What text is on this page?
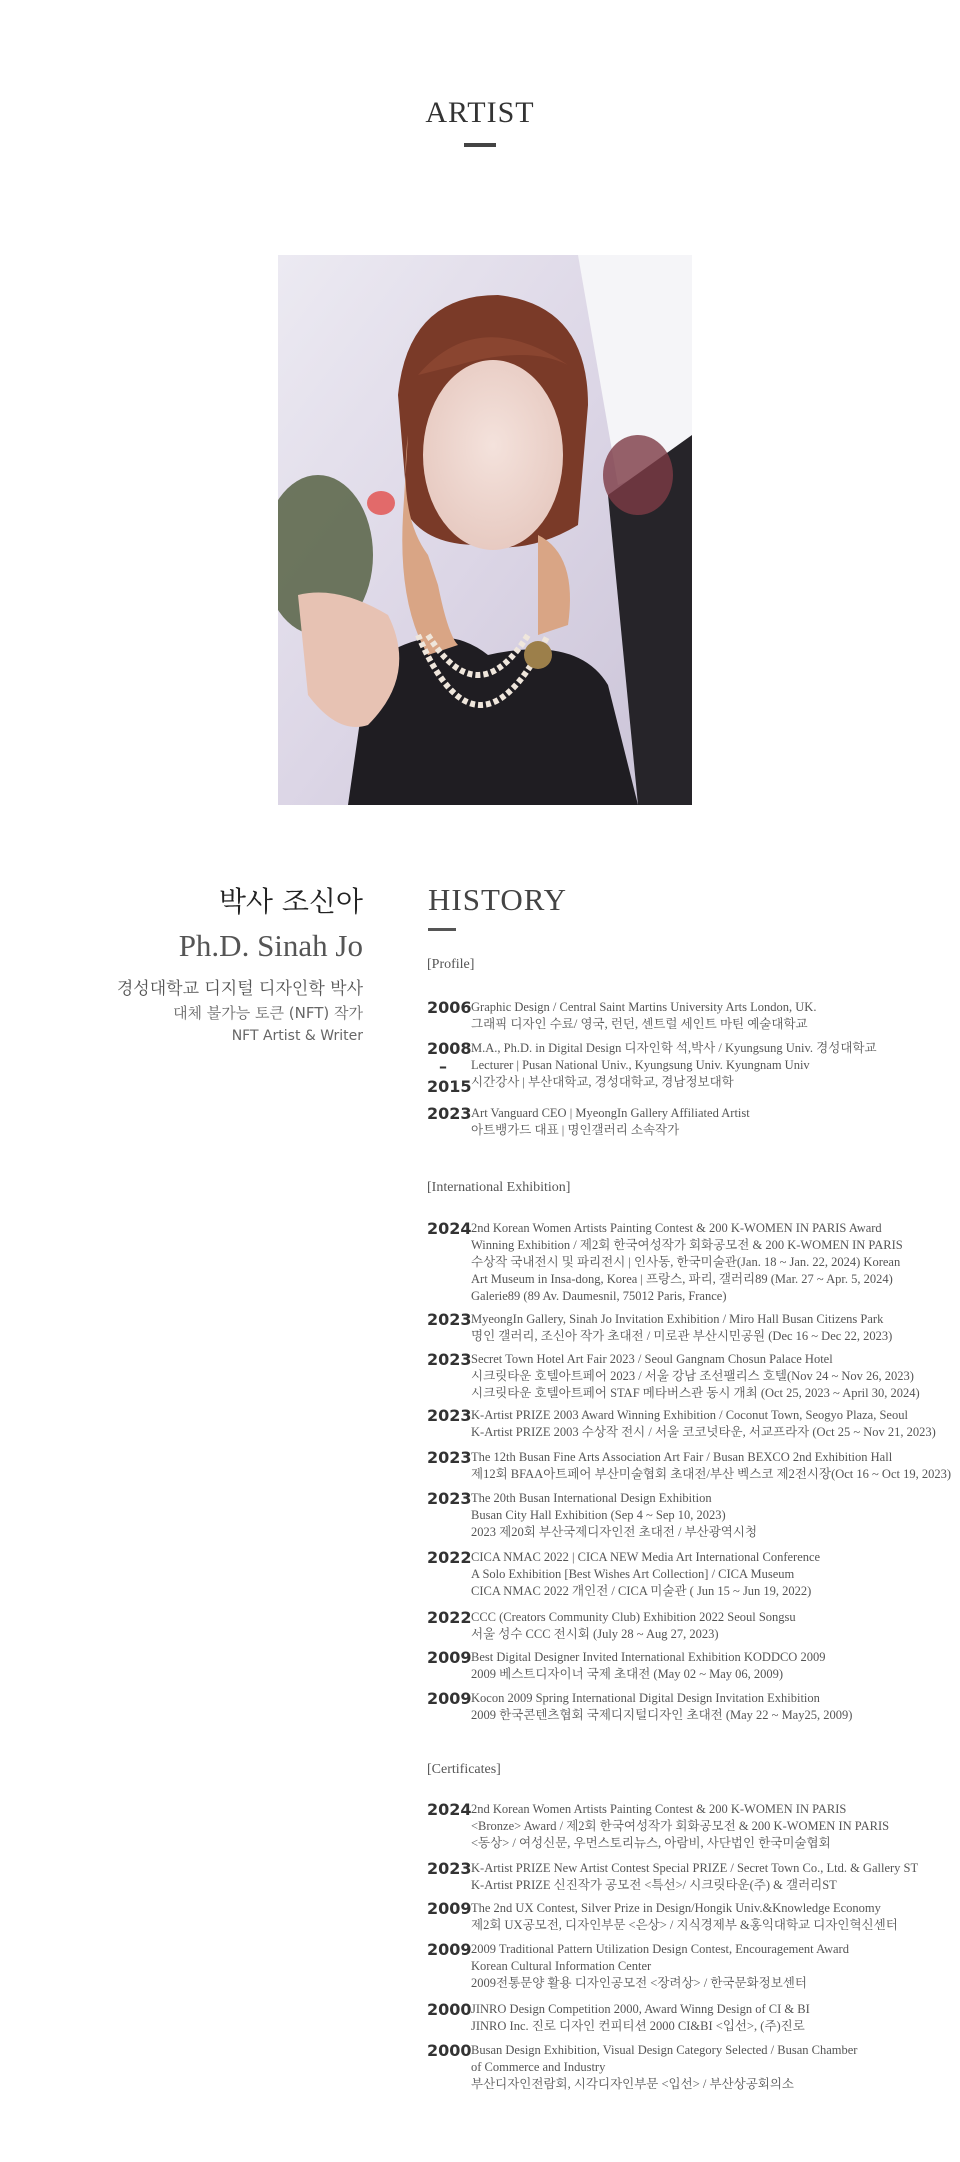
ARTIST
박사 조신아
Ph.D. Sinah Jo
경성대학교 디지털 디자인학 박사
대체 불가능 토큰 (NFT) 작가
NFT Artist & Writer
HISTORY
[Profile]
2006 Graphic Design / Central Saint Martins University Arts London, UK.
그래픽 디자인 수료/ 영국, 런던, 센트럴 세인트 마틴 예술대학교
2008
–
2015
M.A., Ph.D. in Digital Design 디자인학 석,박사 / Kyungsung Univ. 경성대학교
Lecturer | Pusan National Univ., Kyungsung Univ. Kyungnam Univ
시간강사 | 부산대학교, 경성대학교, 경남정보대학
2023 Art Vanguard CEO | MyeongIn Gallery Affiliated Artist
아트뱅가드 대표 | 명인갤러리 소속작가
[International Exhibition]
2024 2nd Korean Women Artists Painting Contest & 200 K-WOMEN IN PARIS Award
Winning Exhibition / 제2회 한국여성작가 회화공모전 & 200 K-WOMEN IN PARIS
수상작 국내전시 및 파리전시 | 인사동, 한국미술관(Jan. 18 ~ Jan. 22, 2024) Korean
Art Museum in Insa-dong, Korea | 프랑스, 파리, 갤러리89 (Mar. 27 ~ Apr. 5, 2024)
Galerie89 (89 Av. Daumesnil, 75012 Paris, France)
2023 MyeongIn Gallery, Sinah Jo Invitation Exhibition / Miro Hall Busan Citizens Park
명인 갤러리, 조신아 작가 초대전 / 미로관 부산시민공원 (Dec 16 ~ Dec 22, 2023)
2023 Secret Town Hotel Art Fair 2023 / Seoul Gangnam Chosun Palace Hotel
시크릿타운 호텔아트페어 2023 / 서울 강남 조선팰리스 호텔(Nov 24 ~ Nov 26, 2023)
시크릿타운 호텔아트페어 STAF 메타버스관 동시 개최 (Oct 25, 2023 ~ April 30, 2024)
2023 K-Artist PRIZE 2003 Award Winning Exhibition / Coconut Town, Seogyo Plaza, Seoul
K-Artist PRIZE 2003 수상작 전시 / 서울 코코넛타운, 서교프라자 (Oct 25 ~ Nov 21, 2023)
2023 The 12th Busan Fine Arts Association Art Fair / Busan BEXCO 2nd Exhibition Hall
제12회 BFAA아트페어 부산미술협회 초대전/부산 벡스코 제2전시장(Oct 16 ~ Oct 19, 2023)
2023 The 20th Busan International Design Exhibition
Busan City Hall Exhibition (Sep 4 ~ Sep 10, 2023)
2023 제20회 부산국제디자인전 초대전 / 부산광역시청
2022 CICA NMAC 2022 | CICA NEW Media Art International Conference
A Solo Exhibition [Best Wishes Art Collection] / CICA Museum
CICA NMAC 2022 개인전 / CICA 미술관 ( Jun 15 ~ Jun 19, 2022)
2022 CCC (Creators Community Club) Exhibition 2022 Seoul Songsu
서울 성수 CCC 전시회 (July 28 ~ Aug 27, 2023)
2009 Best Digital Designer Invited International Exhibition KODDCO 2009
2009 베스트디자이너 국제 초대전 (May 02 ~ May 06, 2009)
2009 Kocon 2009 Spring International Digital Design Invitation Exhibition
2009 한국콘텐츠협회 국제디지털디자인 초대전 (May 22 ~ May25, 2009)
[Certificates]
2024 2nd Korean Women Artists Painting Contest & 200 K-WOMEN IN PARIS
<Bronze> Award / 제2회 한국여성작가 회화공모전 & 200 K-WOMEN IN PARIS
<동상> / 여성신문, 우먼스토리뉴스, 아람비, 사단법인 한국미술협회
2023 K-Artist PRIZE New Artist Contest Special PRIZE / Secret Town Co., Ltd. & Gallery ST
K-Artist PRIZE 신진작가 공모전 <특선>/ 시크릿타운(주) & 갤러리ST
2009 The 2nd UX Contest, Silver Prize in Design/Hongik Univ.&Knowledge Economy
제2회 UX공모전, 디자인부문 <은상> / 지식경제부 &홍익대학교 디자인혁신센터
2009 2009 Traditional Pattern Utilization Design Contest, Encouragement Award
Korean Cultural Information Center
2009전통문양 활용 디자인공모전 <장려상> / 한국문화정보센터
2000 JINRO Design Competition 2000, Award Winng Design of CI & BI
JINRO Inc. 진로 디자인 컨피티션 2000 CI&BI <입선>, (주)진로
2000 Busan Design Exhibition, Visual Design Category Selected / Busan Chamber
of Commerce and Industry
부산디자인전람회, 시각디자인부문 <입선> / 부산상공회의소
